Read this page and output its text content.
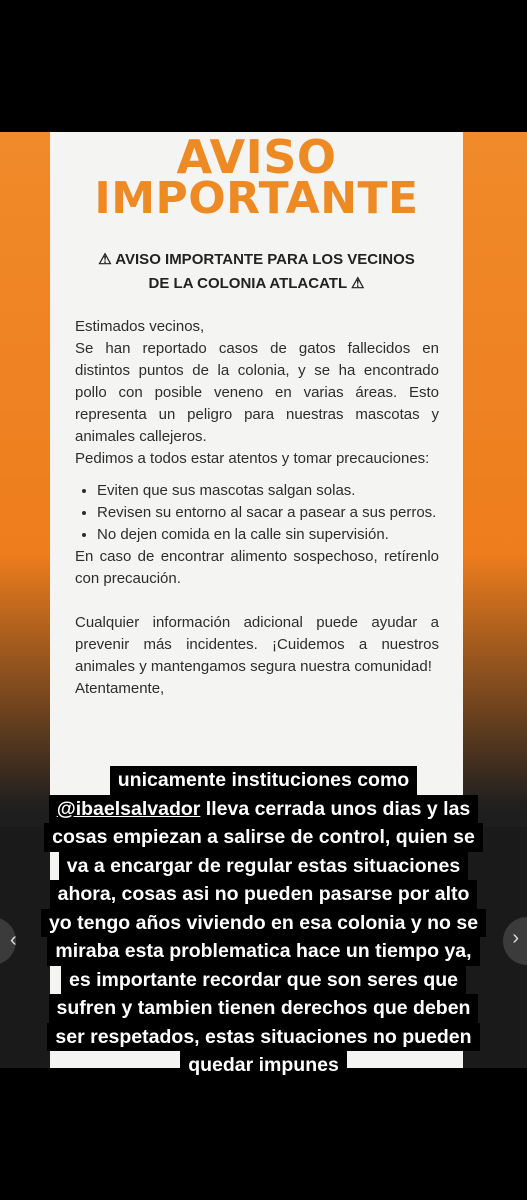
‹	›
AVISO
IMPORTANTE
⚠ AVISO IMPORTANTE PARA LOS VECINOS
DE LA COLONIA ATLACATL ⚠

Estimados vecinos,

Se han reportado casos de gatos fallecidos en distintos puntos de la colonia, y se ha encontrado pollo con posible veneno en varias áreas. Esto representa un peligro para nuestras mascotas y animales callejeros.

Pedimos a todos estar atentos y tomar precauciones:

• Eviten que sus mascotas salgan solas.
• Revisen su entorno al sacar a pasear a sus perros.
• No dejen comida en la calle sin supervisión.

En caso de encontrar alimento sospechoso, retírenlo con precaución.

Cualquier información adicional puede ayudar a prevenir más incidentes. ¡Cuidemos a nuestros animales y mantengamos segura nuestra comunidad!

Atentamente,

unicamente instituciones como
@ibaelsalvador lleva cerrada unos dias y las
cosas empiezan a salirse de control, quien se
va a encargar de regular estas situaciones
ahora, cosas asi no pueden pasarse por alto
yo tengo años viviendo en esa colonia y no se
miraba esta problematica hace un tiempo ya,
es importante recordar que son seres que
sufren y tambien tienen derechos que deben
ser respetados, estas situaciones no pueden
quedar impunes
